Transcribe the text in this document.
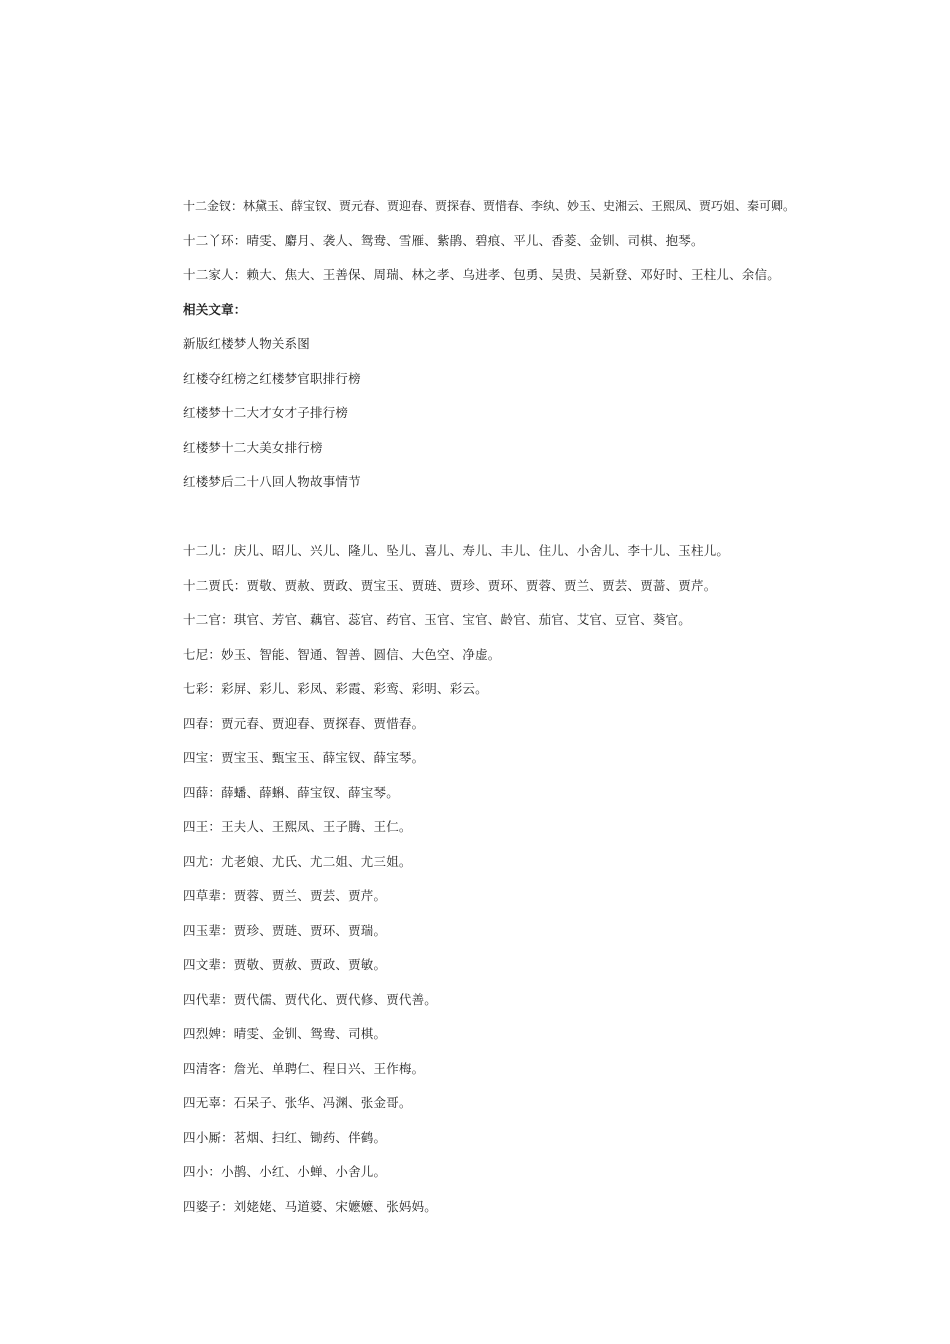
十二金钗：林黛玉、薛宝钗、贾元春、贾迎春、贾探春、贾惜春、李纨、妙玉、史湘云、王熙凤、贾巧姐、秦可卿。
十二丫环：晴雯、麝月、袭人、鸳鸯、雪雁、紫鹃、碧痕、平儿、香菱、金钏、司棋、抱琴。
十二家人：赖大、焦大、王善保、周瑞、林之孝、乌进孝、包勇、吴贵、吴新登、邓好时、王柱儿、余信。
相关文章：
新版红楼梦人物关系图
红楼夺红榜之红楼梦官职排行榜
红楼梦十二大才女才子排行榜
红楼梦十二大美女排行榜
红楼梦后二十八回人物故事情节
十二儿：庆儿、昭儿、兴儿、隆儿、坠儿、喜儿、寿儿、丰儿、住儿、小舍儿、李十儿、玉柱儿。
十二贾氏：贾敬、贾赦、贾政、贾宝玉、贾琏、贾珍、贾环、贾蓉、贾兰、贾芸、贾蔷、贾芹。
十二官：琪官、芳官、藕官、蕊官、药官、玉官、宝官、龄官、茄官、艾官、豆官、葵官。
七尼：妙玉、智能、智通、智善、圆信、大色空、净虚。
七彩：彩屏、彩儿、彩凤、彩霞、彩鸾、彩明、彩云。
四春：贾元春、贾迎春、贾探春、贾惜春。
四宝：贾宝玉、甄宝玉、薛宝钗、薛宝琴。
四薛：薛蟠、薛蝌、薛宝钗、薛宝琴。
四王：王夫人、王熙凤、王子腾、王仁。
四尤：尤老娘、尤氏、尤二姐、尤三姐。
四草辈：贾蓉、贾兰、贾芸、贾芹。
四玉辈：贾珍、贾琏、贾环、贾瑞。
四文辈：贾敬、贾赦、贾政、贾敏。
四代辈：贾代儒、贾代化、贾代修、贾代善。
四烈婢：晴雯、金钏、鸳鸯、司棋。
四清客：詹光、单聘仁、程日兴、王作梅。
四无辜：石呆子、张华、冯渊、张金哥。
四小厮：茗烟、扫红、锄药、伴鹤。
四小：小鹊、小红、小蝉、小舍儿。
四婆子：刘姥姥、马道婆、宋嬷嬷、张妈妈。
